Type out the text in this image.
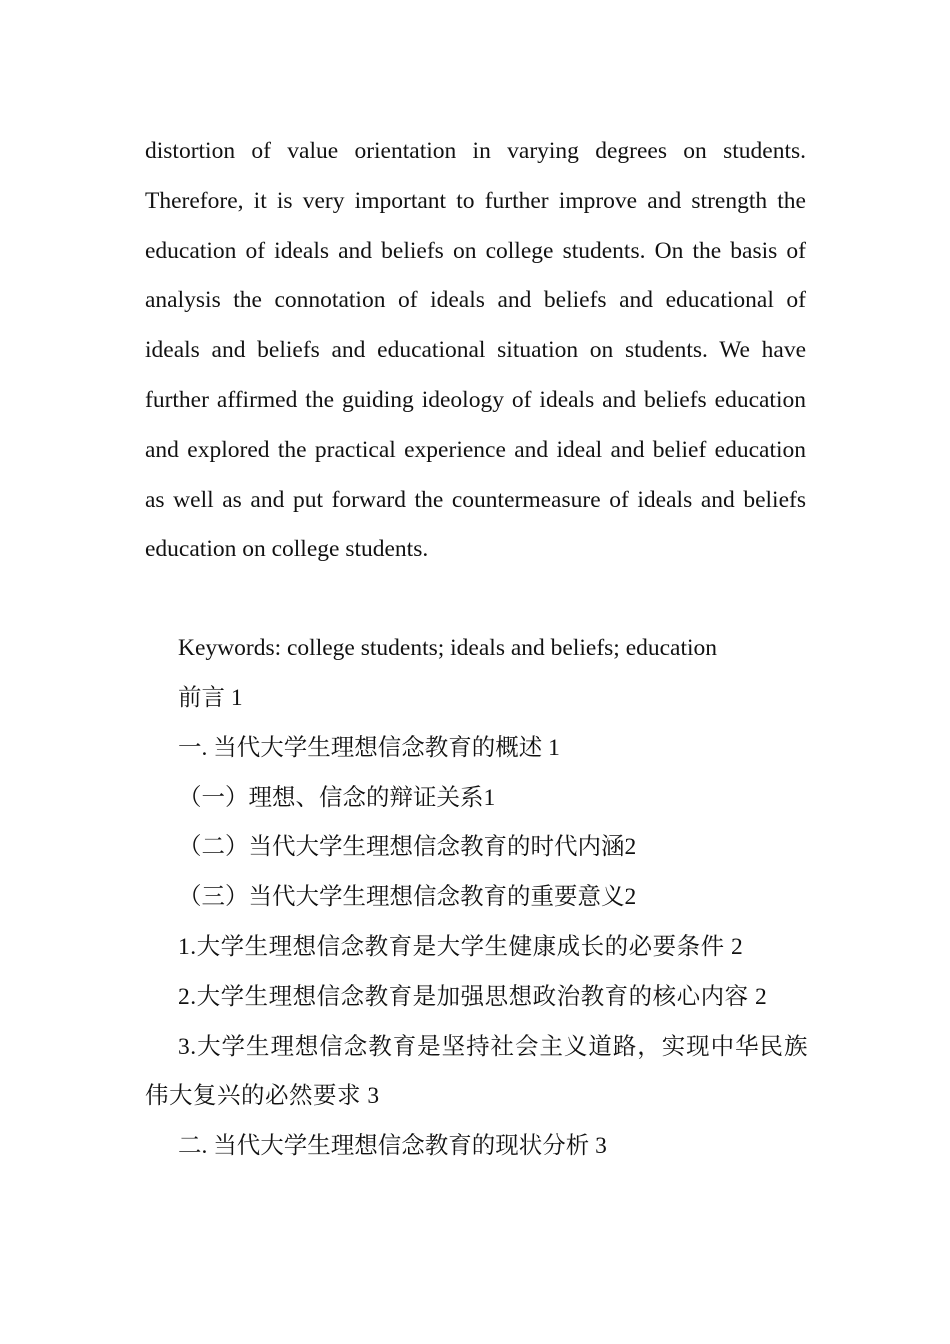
distortion of value orientation in varying degrees on students. Therefore, it is very important to further improve and strength the education of ideals and beliefs on college students. On the basis of analysis the connotation of ideals and beliefs and educational of ideals and beliefs and educational situation on students. We have further affirmed the guiding ideology of ideals and beliefs education and explored the practical experience and ideal and belief education as well as and put forward the countermeasure of ideals and beliefs education on college students.

Keywords: college students; ideals and beliefs; education

前言 1
一. 当代大学生理想信念教育的概述 1
（一）理想、信念的辩证关系1
（二）当代大学生理想信念教育的时代内涵2
（三）当代大学生理想信念教育的重要意义2
1.大学生理想信念教育是大学生健康成长的必要条件 2
2.大学生理想信念教育是加强思想政治教育的核心内容 2
3.大学生理想信念教育是坚持社会主义道路，实现中华民族伟大复兴的必然要求 3
二. 当代大学生理想信念教育的现状分析 3
